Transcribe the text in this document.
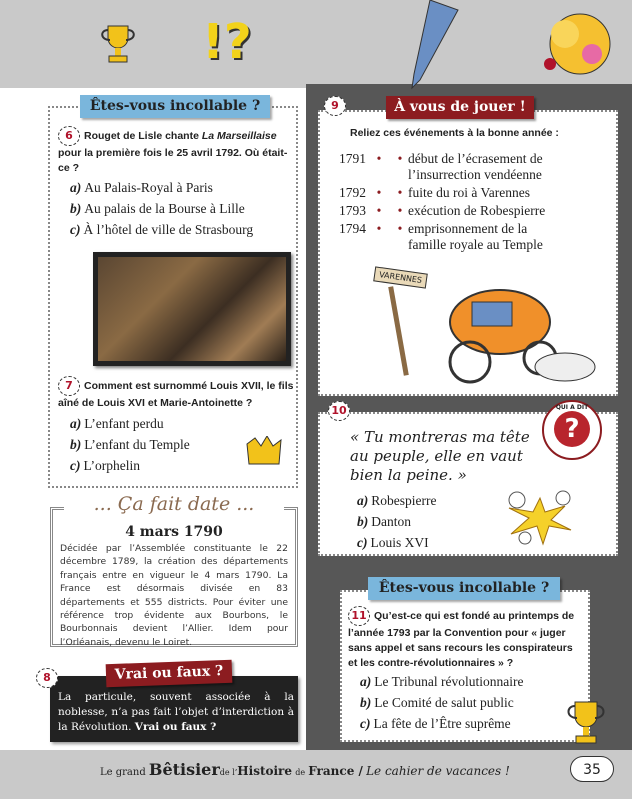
!?
Êtes-vous incollable ?
6 Rouget de Lisle chante La Marseillaise pour la première fois le 25 avril 1792. Où était-ce ?
a) Au Palais-Royal à Paris
b) Au palais de la Bourse à Lille
c) À l’hôtel de ville de Strasbourg
7 Comment est surnommé Louis XVII, le fils aîné de Louis XVI et Marie-Antoinette ?
a) L’enfant perdu
b) L’enfant du Temple
c) L’orphelin
... Ça fait date ...
4 mars 1790
Décidée par l’Assemblée constituante le 22 décembre 1789, la création des départements français entre en vigueur le 4 mars 1790. La France est désormais divisée en 83 départements et 555 districts. Pour éviter une référence trop évidente aux Bourbons, le Bourbonnais devient l’Allier. Idem pour l’Orléanais, devenu le Loiret.
Vrai ou faux ?
8
La particule, souvent associée à la noblesse, n’a pas fait l’objet d’interdiction à la Révolution. Vrai ou faux ?
À vous de jouer !
9
Reliez ces événements à la bonne année :
1791 •	• début de l’écrasement de l’insurrection vendéenne
1792 •	• fuite du roi à Varennes
1793 •	• exécution de Robespierre
1794 •	• emprisonnement de la famille royale au Temple
VARENNES
10	QUI A DIT
?
« Tu montreras ma tête au peuple, elle en vaut bien la peine. »
a) Robespierre
b) Danton
c) Louis XVI
Êtes-vous incollable ?
11 Qu’est-ce qui est fondé au printemps de l’année 1793 par la Convention pour « juger sans appel et sans recours les conspirateurs et les contre-révolutionnaires » ?
a) Le Tribunal révolutionnaire
b) Le Comité de salut public
c) La fête de l’Être suprême
Le grand Bêtisierde l’Histoire de France / Le cahier de vacances !	35
